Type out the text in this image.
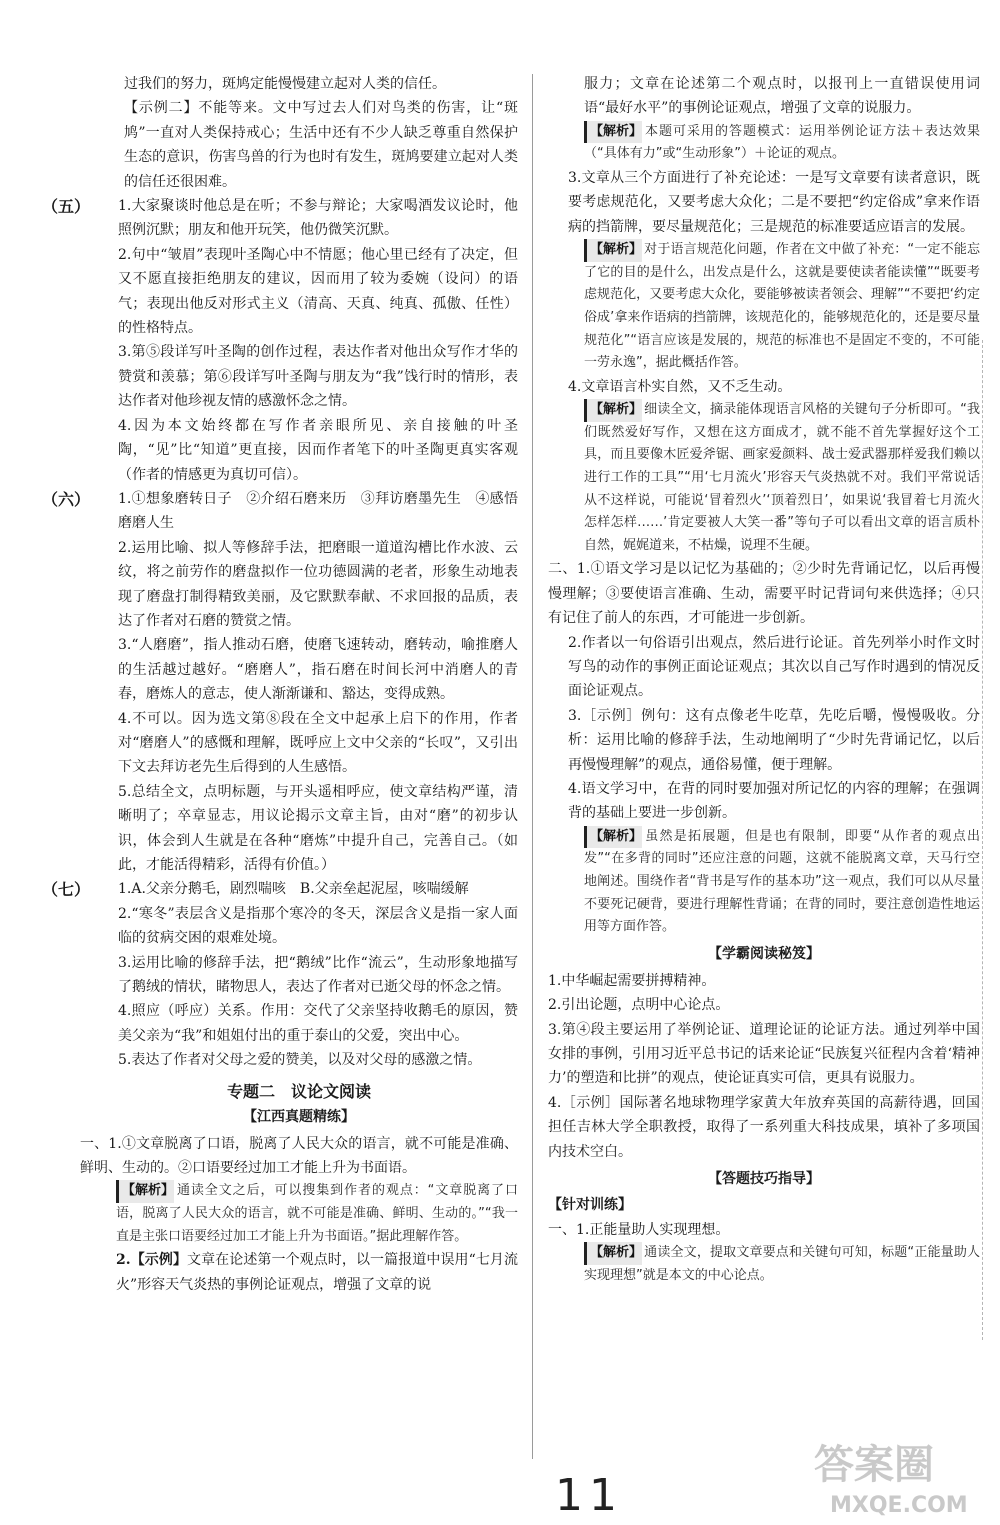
过我们的努力，斑鸠定能慢慢建立起对人类的信任。

【示例二】不能等来。文中写过去人们对鸟类的伤害，让“斑鸠”一直对人类保持戒心；生活中还有不少人缺乏尊重自然保护生态的意识，伤害鸟兽的行为也时有发生，斑鸠要建立起对人类的信任还很困难。

（五） 1.大家聚谈时他总是在听；不参与辩论；大家喝酒发议论时，他照例沉默；朋友和他开玩笑，他仍微笑沉默。

2.句中“皱眉”表现叶圣陶心中不情愿；他心里已经有了决定，但又不愿直接拒绝朋友的建议，因而用了较为委婉（设问）的语气；表现出他反对形式主义（清高、天真、纯真、孤傲、任性）的性格特点。

3.第⑤段详写叶圣陶的创作过程，表达作者对他出众写作才华的赞赏和羡慕；第⑥段详写叶圣陶与朋友为“我”饯行时的情形，表达作者对他珍视友情的感激怀念之情。

4.因为本文始终都在写作者亲眼所见、亲自接触的叶圣陶，“见”比“知道”更直接，因而作者笔下的叶圣陶更真实客观（作者的情感更为真切可信）。

（六） 1.①想象磨转日子　②介绍石磨来历　③拜访磨墨先生　④感悟磨磨人生

2.运用比喻、拟人等修辞手法，把磨眼一道道沟槽比作水波、云纹，将之前劳作的磨盘拟作一位功德圆满的老者，形象生动地表现了磨盘打制得精致美丽，及它默默奉献、不求回报的品质，表达了作者对石磨的赞赏之情。

3.“人磨磨”，指人推动石磨，使磨飞速转动，磨转动，喻推磨人的生活越过越好。“磨磨人”，指石磨在时间长河中消磨人的青春，磨炼人的意志，使人渐渐谦和、豁达，变得成熟。

4.不可以。因为选文第⑧段在全文中起承上启下的作用，作者对“磨磨人”的感慨和理解，既呼应上文中父亲的“长叹”，又引出下文去拜访老先生后得到的人生感悟。

5.总结全文，点明标题，与开头遥相呼应，使文章结构严谨，清晰明了；卒章显志，用议论揭示文章主旨，由对“磨”的初步认识，体会到人生就是在各种“磨炼”中提升自己，完善自己。（如此，才能活得精彩，活得有价值。）

（七） 1.A.父亲分鹅毛，剧烈喘咳　B.父亲垒起泥屋，咳喘缓解

2.“寒冬”表层含义是指那个寒冷的冬天，深层含义是指一家人面临的贫病交困的艰难处境。

3.运用比喻的修辞手法，把“鹅绒”比作“流云”，生动形象地描写了鹅绒的情状，睹物思人，表达了作者对已逝父母的怀念之情。

4.照应（呼应）关系。作用：交代了父亲坚持收鹅毛的原因，赞美父亲为“我”和姐姐付出的重于泰山的父爱，突出中心。

5.表达了作者对父母之爱的赞美，以及对父母的感激之情。

专题二　议论文阅读
【江西真题精练】

一、1.①文章脱离了口语，脱离了人民大众的语言，就不可能是准确、鲜明、生动的。②口语要经过加工才能上升为书面语。

【解析】 通读全文之后，可以搜集到作者的观点：“文章脱离了口语，脱离了人民大众的语言，就不可能是准确、鲜明、生动的。”“我一直是主张口语要经过加工才能上升为书面语。”据此理解作答。

2.【示例】文章在论述第一个观点时，以一篇报道中误用“七月流火”形容天气炎热的事例论证观点，增强了文章的说

服力；文章在论述第二个观点时，以报刊上一直错误使用词语“最好水平”的事例论证观点，增强了文章的说服力。

【解析】 本题可采用的答题模式：运用举例论证方法＋表达效果（“具体有力”或“生动形象”）＋论证的观点。

3.文章从三个方面进行了补充论述：一是写文章要有读者意识，既要考虑规范化，又要考虑大众化；二是不要把“约定俗成”拿来作语病的挡箭牌，要尽量规范化；三是规范的标准要适应语言的发展。

【解析】 对于语言规范化问题，作者在文中做了补充：“一定不能忘了它的目的是什么，出发点是什么，这就是要使读者能读懂”“既要考虑规范化，又要考虑大众化，要能够被读者领会、理解”“不要把‘约定俗成’拿来作语病的挡箭牌，该规范化的，能够规范化的，还是要尽量规范化”“语言应该是发展的，规范的标准也不是固定不变的，不可能一劳永逸”，据此概括作答。

4.文章语言朴实自然，又不乏生动。

【解析】 细读全文，摘录能体现语言风格的关键句子分析即可。“我们既然爱好写作，又想在这方面成才，就不能不首先掌握好这个工具，而且要像木匠爱斧锯、画家爱颜料、战士爱武器那样爱我们赖以进行工作的工具”“用‘七月流火’形容天气炎热就不对。我们平常说话从不这样说，可能说‘冒着烈火’‘顶着烈日’，如果说‘我冒着七月流火怎样怎样……’肯定要被人大笑一番”等句子可以看出文章的语言质朴自然，娓娓道来，不枯燥，说理不生硬。

二、1.①语文学习是以记忆为基础的；②少时先背诵记忆，以后再慢慢理解；③要使语言准确、生动，需要平时记背词句来供选择；④只有记住了前人的东西，才可能进一步创新。

2.作者以一句俗语引出观点，然后进行论证。首先列举小时作文时写鸟的动作的事例正面论证观点；其次以自己写作时遇到的情况反面论证观点。

3.［示例］例句：这有点像老牛吃草，先吃后嚼，慢慢吸收。分析：运用比喻的修辞手法，生动地阐明了“少时先背诵记忆，以后再慢慢理解”的观点，通俗易懂，便于理解。

4.语文学习中，在背的同时要加强对所记忆的内容的理解；在强调背的基础上要进一步创新。

【解析】 虽然是拓展题，但是也有限制，即要“从作者的观点出发”“在多背的同时”还应注意的问题，这就不能脱离文章，天马行空地阐述。围绕作者“背书是写作的基本功”这一观点，我们可以从尽量不要死记硬背，要进行理解性背诵；在背的同时，要注意创造性地运用等方面作答。

【学霸阅读秘笈】

1.中华崛起需要拼搏精神。

2.引出论题，点明中心论点。

3.第④段主要运用了举例论证、道理论证的论证方法。通过列举中国女排的事例，引用习近平总书记的话来论证“民族复兴征程内含着‘精神力’的塑造和比拼”的观点，使论证真实可信，更具有说服力。

4.［示例］国际著名地球物理学家黄大年放弃英国的高薪待遇，回国担任吉林大学全职教授，取得了一系列重大科技成果，填补了多项国内技术空白。

【答题技巧指导】
【针对训练】

一、1.正能量助人实现理想。

【解析】 通读全文，提取文章要点和关键句可知，标题“正能量助人实现理想”就是本文的中心论点。

11
答案圈
MXQE.COM
